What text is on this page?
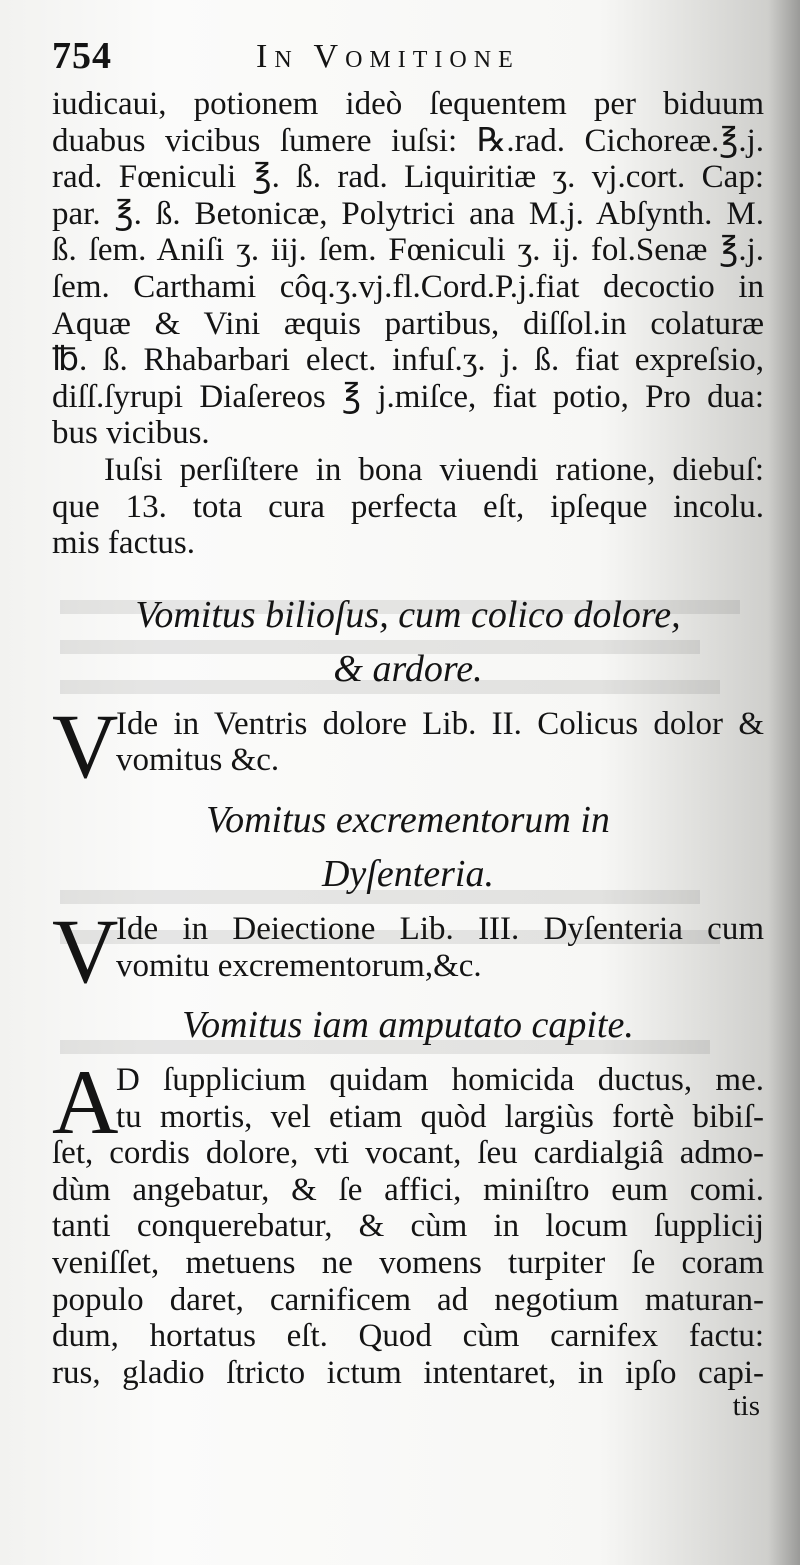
754	In Vomitione
iudicaui, potionem ideò ſequentem per biduum
duabus vicibus ſumere iuſsi: ℞.rad. Cichoreæ.℥.j.
rad. Fœniculi ℥. ß. rad. Liquiritiæ ʒ. vj.cort. Cap:
par. ℥. ß. Betonicæ, Polytrici ana M.j. Abſynth. M.
ß. ſem. Aniſi ʒ. iij. ſem. Fœniculi ʒ. ij. fol.Senæ ℥.j.
ſem. Carthami côq.ʒ.vj.fl.Cord.P.j.fiat decoctio in
Aquæ & Vini æquis partibus, diſſol.in colaturæ
℔. ß. Rhabarbari elect. infuſ.ʒ. j. ß. fiat expreſsio,
diſſ.ſyrupi Diaſereos ℥ j.miſce, fiat potio, Pro dua:
bus vicibus.
Iuſsi perſiſtere in bona viuendi ratione, diebuſ:
que 13. tota cura perfecta eſt, ipſeque incolu.
mis factus.
Vomitus bilioſus, cum colico dolore,
& ardore.
V
Ide in Ventris dolore Lib. II. Colicus dolor &
vomitus &c.
Vomitus excrementorum in
Dyſenteria.
V
Ide in Deiectione Lib. III. Dyſenteria cum
vomitu excrementorum,&c.
Vomitus iam amputato capite.
A
D ſupplicium quidam homicida ductus, me.
tu mortis, vel etiam quòd largiùs fortè bibiſ-
ſet, cordis dolore, vti vocant, ſeu cardialgiâ admo-
dùm angebatur, & ſe affici, miniſtro eum comi.
tanti conquerebatur, & cùm in locum ſupplicij
veniſſet, metuens ne vomens turpiter ſe coram
populo daret, carnificem ad negotium maturan-
dum, hortatus eſt. Quod cùm carnifex factu:
rus, gladio ſtricto ictum intentaret, in ipſo capi-
tis
